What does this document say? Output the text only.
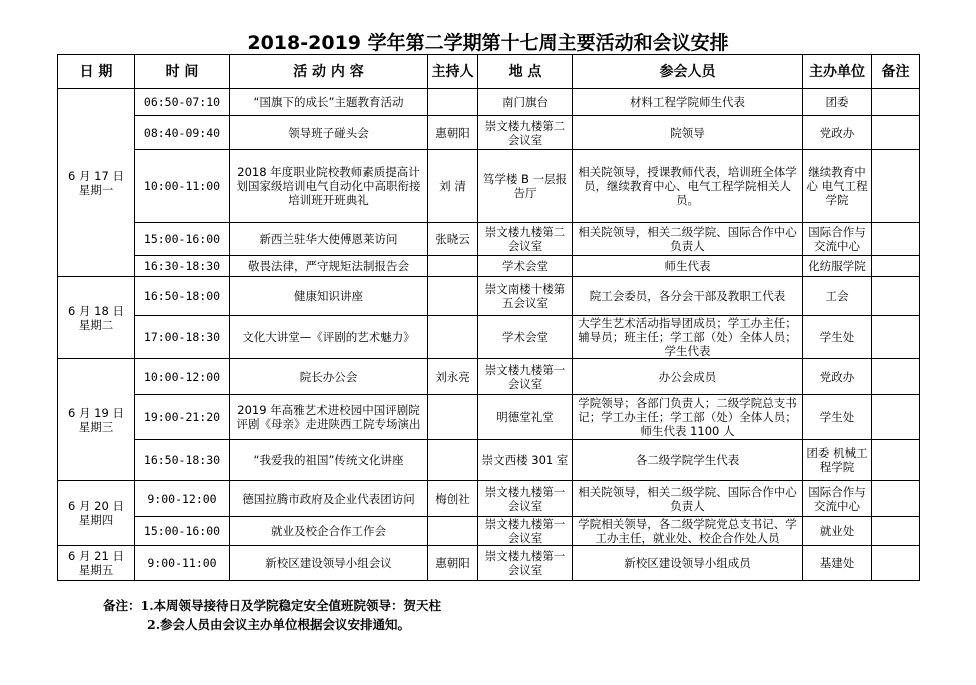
2018-2019 学年第二学期第十七周主要活动和会议安排
日 期	时 间	活 动 内 容	主持人	地 点	参会人员	主办单位	备注

6 月 17 日
星期一	06:50-07:10	“国旗下的成长”主题教育活动		南门旗台	材料工程学院师生代表	团委	
	08:40-09:40	领导班子碰头会	惠朝阳	崇文楼九楼第二会议室	院领导	党政办	
	10:00-11:00	2018 年度职业院校教师素质提高计划国家级培训电气自动化中高职衔接培训班开班典礼	刘 清	笃学楼 B 一层报告厅	相关院领导，授课教师代表，培训班全体学员，继续教育中心、电气工程学院相关人员。	继续教育中心 电气工程学院	
	15:00-16:00	新西兰驻华大使傅恩莱访问	张晓云	崇文楼九楼第二会议室	相关院领导，相关二级学院、国际合作中心负责人	国际合作与交流中心	
	16:30-18:30	敬畏法律，严守规矩法制报告会		学术会堂	师生代表	化纺服学院	

6 月 18 日
星期二	16:50-18:00	健康知识讲座		崇文南楼十楼第五会议室	院工会委员，各分会干部及教职工代表	工会	
	17:00-18:30	文化大讲堂—《评剧的艺术魅力》		学术会堂	大学生艺术活动指导团成员；学工办主任；辅导员；班主任；学工部（处）全体人员；学生代表	学生处	

6 月 19 日
星期三	10:00-12:00	院长办公会	刘永亮	崇文楼九楼第一会议室	办公会成员	党政办	
	19:00-21:20	2019 年高雅艺术进校园中国评剧院评剧《母亲》走进陕西工院专场演出		明德堂礼堂	学院领导；各部门负责人；二级学院总支书记；学工办主任；学工部（处）全体人员；师生代表 1100 人	学生处	
	16:50-18:30	“我爱我的祖国”传统文化讲座		崇文西楼 301 室	各二级学院学生代表	团委 机械工程学院	

6 月 20 日
星期四	9:00-12:00	德国拉腾市政府及企业代表团访问	梅创社	崇文楼九楼第一会议室	相关院领导，相关二级学院、国际合作中心负责人	国际合作与交流中心	
	15:00-16:00	就业及校企合作工作会		崇文楼九楼第一会议室	学院相关领导，各二级学院党总支书记、学工办主任，就业处、校企合作处人员	就业处	

6 月 21 日
星期五	9:00-11:00	新校区建设领导小组会议	惠朝阳	崇文楼九楼第一会议室	新校区建设领导小组成员	基建处	
备注：1.本周领导接待日及学院稳定安全值班院领导：贺天柱
2.参会人员由会议主办单位根据会议安排通知。
